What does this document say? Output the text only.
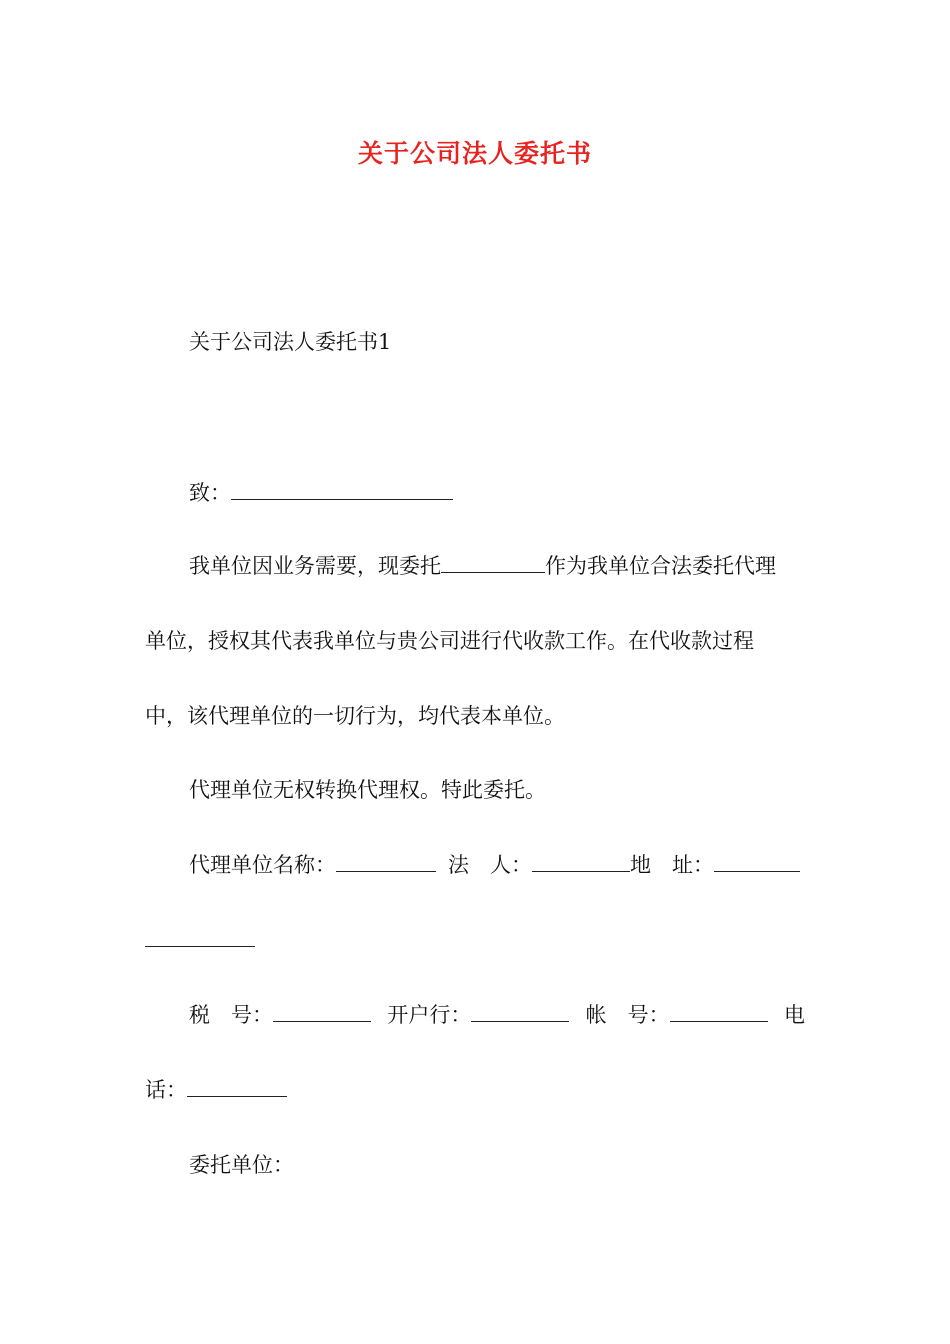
关于公司法人委托书
关于公司法人委托书1
致：
我单位因业务需要，现委托	作为我单位合法委托代理
单位，授权其代表我单位与贵公司进行代收款工作。在代收款过程
中，该代理单位的一切行为，均代表本单位。
代理单位无权转换代理权。特此委托。
代理单位名称：	法　人：	地　址：
税　号：	开户行：	帐　号：	电
话：
委托单位：
